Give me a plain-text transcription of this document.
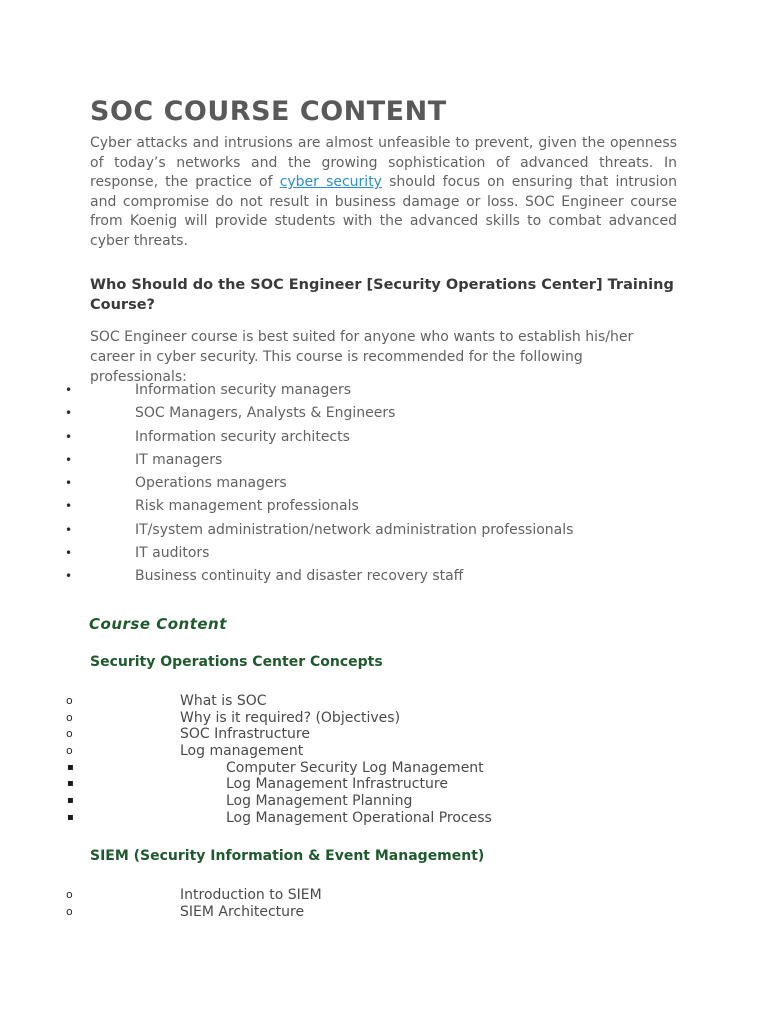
SOC COURSE CONTENT

Cyber attacks and intrusions are almost unfeasible to prevent, given the openness of today’s networks and the growing sophistication of advanced threats. In response, the practice of cyber security should focus on ensuring that intrusion and compromise do not result in business damage or loss. SOC Engineer course from Koenig will provide students with the advanced skills to combat advanced cyber threats.

Who Should do the SOC Engineer [Security Operations Center] Training Course?

SOC Engineer course is best suited for anyone who wants to establish his/her career in cyber security. This course is recommended for the following professionals:

•	Information security managers
•	SOC Managers, Analysts & Engineers
•	Information security architects
•	IT managers
•	Operations managers
•	Risk management professionals
•	IT/system administration/network administration professionals
•	IT auditors
•	Business continuity and disaster recovery staff
Course Content
Security Operations Center Concepts
o	What is SOC
o	Why is it required? (Objectives)
o	SOC Infrastructure
o	Log management
▪	Computer Security Log Management
▪	Log Management Infrastructure
▪	Log Management Planning
▪	Log Management Operational Process
SIEM (Security Information & Event Management)
o	Introduction to SIEM
o	SIEM Architecture
